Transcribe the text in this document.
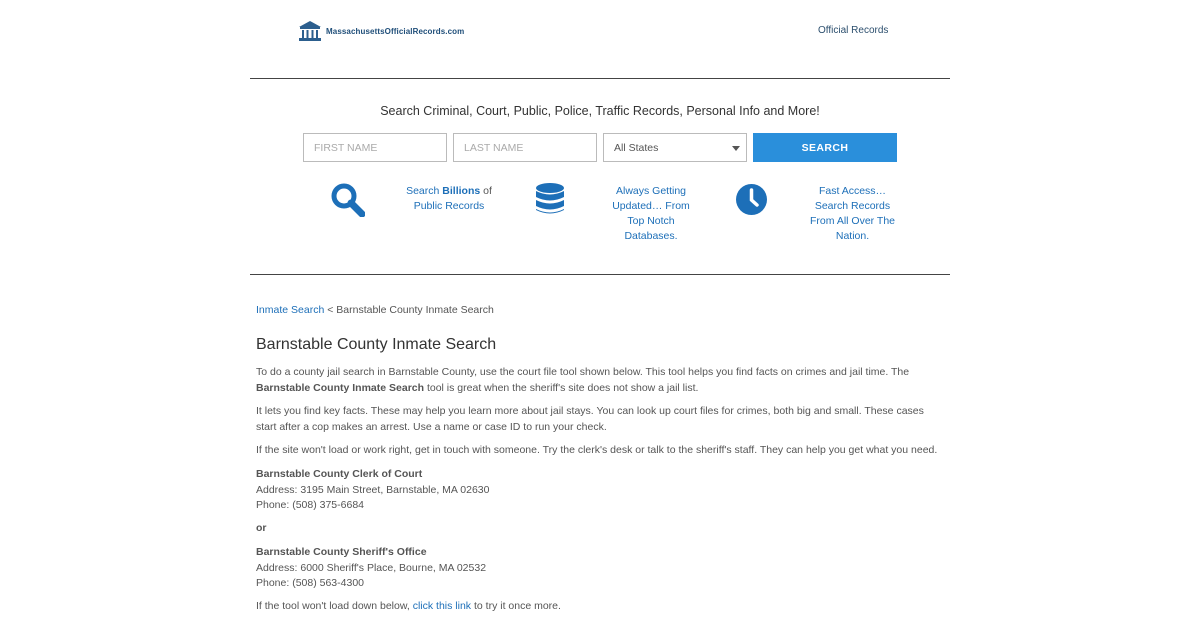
MassachusettsOfficialRecords.com	Official Records
Search Criminal, Court, Public, Police, Traffic Records, Personal Info and More!
FIRST NAME	LAST NAME	All States	SEARCH
Search Billions of
Public Records
Always Getting
Updated… From
Top Notch
Databases.
Fast Access…
Search Records
From All Over The
Nation.
Inmate Search < Barnstable County Inmate Search
Barnstable County Inmate Search

To do a county jail search in Barnstable County, use the court file tool shown below. This tool helps you find facts on crimes and jail time. The Barnstable County Inmate Search tool is great when the sheriff's site does not show a jail list.

It lets you find key facts. These may help you learn more about jail stays. You can look up court files for crimes, both big and small. These cases start after a cop makes an arrest. Use a name or case ID to run your check.

If the site won't load or work right, get in touch with someone. Try the clerk's desk or talk to the sheriff's staff. They can help you get what you need.

Barnstable County Clerk of Court
Address: 3195 Main Street, Barnstable, MA 02630
Phone: (508) 375-6684
or
Barnstable County Sheriff's Office
Address: 6000 Sheriff's Place, Bourne, MA 02532
Phone: (508) 563-4300

If the tool won't load down below, click this link to try it once more.
